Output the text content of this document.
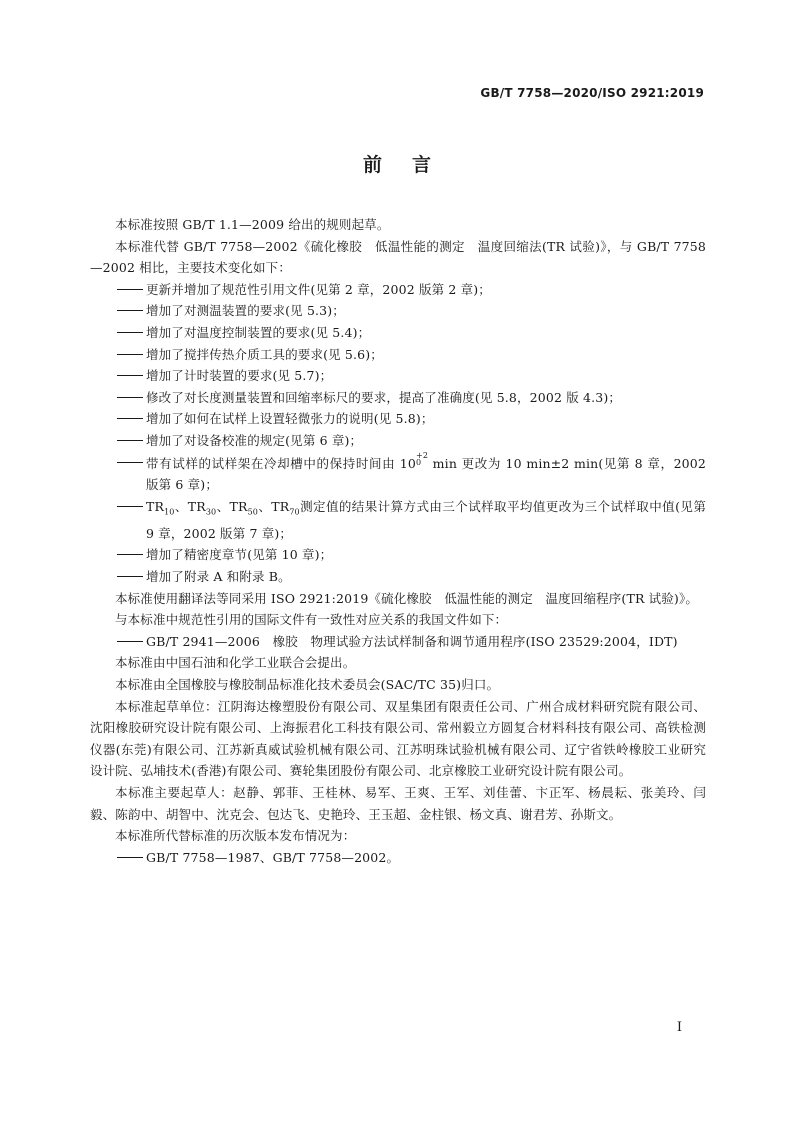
GB/T 7758—2020/ISO 2921:2019
前言

本标准按照 GB/T 1.1—2009 给出的规则起草。

本标准代替 GB/T 7758—2002《硫化橡胶　低温性能的测定　温度回缩法(TR 试验)》，与 GB/T 7758—2002 相比，主要技术变化如下：

更新并增加了规范性引用文件(见第 2 章，2002 版第 2 章)；

增加了对测温装置的要求(见 5.3)；

增加了对温度控制装置的要求(见 5.4)；

增加了搅拌传热介质工具的要求(见 5.6)；

增加了计时装置的要求(见 5.7)；

修改了对长度测量装置和回缩率标尺的要求，提高了准确度(见 5.8，2002 版 4.3)；

增加了如何在试样上设置轻微张力的说明(见 5.8)；

增加了对设备校准的规定(见第 6 章)；

带有试样的试样架在冷却槽中的保持时间由 10
+2
0 min 更改为 10 min±2 min(见第 8 章，2002 版第 6 章)；

$TR_{10}$、$TR_{30}$、$TR_{50}$、$TR_{70}$测定值的结果计算方式由三个试样取平均值更改为三个试样取中值(见第 9 章，2002 版第 7 章)；

增加了精密度章节(见第 10 章)；

增加了附录 A 和附录 B。

本标准使用翻译法等同采用 ISO 2921:2019《硫化橡胶　低温性能的测定　温度回缩程序(TR 试验)》。

与本标准中规范性引用的国际文件有一致性对应关系的我国文件如下：

GB/T 2941—2006　橡胶　物理试验方法试样制备和调节通用程序(ISO 23529:2004，IDT)

本标准由中国石油和化学工业联合会提出。

本标准由全国橡胶与橡胶制品标准化技术委员会(SAC/TC 35)归口。

本标准起草单位：江阴海达橡塑股份有限公司、双星集团有限责任公司、广州合成材料研究院有限公司、沈阳橡胶研究设计院有限公司、上海振君化工科技有限公司、常州毅立方圆复合材料科技有限公司、高铁检测仪器(东莞)有限公司、江苏新真威试验机械有限公司、江苏明珠试验机械有限公司、辽宁省铁岭橡胶工业研究设计院、弘埔技术(香港)有限公司、赛轮集团股份有限公司、北京橡胶工业研究设计院有限公司。

本标准主要起草人：赵静、郭菲、王桂林、易军、王爽、王军、刘佳蕾、卞正军、杨晨耘、张美玲、闫毅、陈韵中、胡智中、沈克会、包达飞、史艳玲、王玉超、金柱银、杨文真、谢君芳、孙斯文。

本标准所代替标准的历次版本发布情况为：

GB/T 7758—1987、GB/T 7758—2002。

I
